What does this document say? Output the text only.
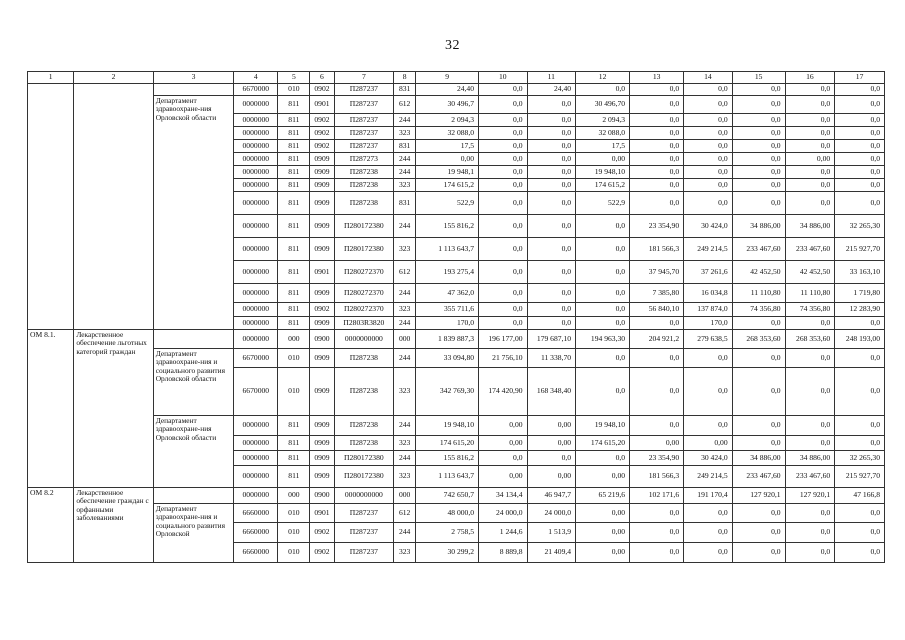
32
1	2	3	4	5	6	7	8	9	10	11	12	13	14	15	16	17
			6670000	010	0902	П287237	831	24,40	0,0	24,40	0,0	0,0	0,0	0,0	0,0	0,0
		Департамент здравоохране-ния Орловской области	0000000	811	0901	П287237	612	30 496,7	0,0	0,0	30 496,70	0,0	0,0	0,0	0,0	0,0
			0000000	811	0902	П287237	244	2 094,3	0,0	0,0	2 094,3	0,0	0,0	0,0	0,0	0,0
			0000000	811	0902	П287237	323	32 088,0	0,0	0,0	32 088,0	0,0	0,0	0,0	0,0	0,0
			0000000	811	0902	П287237	831	17,5	0,0	0,0	17,5	0,0	0,0	0,0	0,0	0,0
			0000000	811	0909	П287273	244	0,00	0,0	0,0	0,00	0,0	0,0	0,0	0,00	0,0
			0000000	811	0909	П287238	244	19 948,1	0,0	0,0	19 948,10	0,0	0,0	0,0	0,0	0,0
			0000000	811	0909	П287238	323	174 615,2	0,0	0,0	174 615,2	0,0	0,0	0,0	0,0	0,0
			0000000	811	0909	П287238	831	522,9	0,0	0,0	522,9	0,0	0,0	0,0	0,0	0,0
			0000000	811	0909	П280172380	244	155 816,2	0,0	0,0	0,0	23 354,90	30 424,0	34 886,00	34 886,00	32 265,30
			0000000	811	0909	П280172380	323	1 113 643,7	0,0	0,0	0,0	181 566,3	249 214,5	233 467,60	233 467,60	215 927,70
			0000000	811	0901	П280272370	612	193 275,4	0,0	0,0	0,0	37 945,70	37 261,6	42 452,50	42 452,50	33 163,10
			0000000	811	0909	П280272370	244	47 362,0	0,0	0,0	0,0	7 385,80	16 034,8	11 110,80	11 110,80	1 719,80
			0000000	811	0902	П280272370	323	355 711,6	0,0	0,0	0,0	56 840,10	137 874,0	74 356,80	74 356,80	12 283,90
			0000000	811	0909	П2803R3820	244	170,0	0,0	0,0	0,0	0,0	170,0	0,0	0,0	0,0
ОМ 8.1.	Лекарственное обеспечение льготных категорий граждан		0000000	000	0900	0000000000	000	1 839 887,3	196 177,00	179 687,10	194 963,30	204 921,2	279 638,5	268 353,60	268 353,60	248 193,00
		Департамент здравоохране-ния и социального развития Орловской области	6670000	010	0909	П287238	244	33 094,80	21 756,10	11 338,70	0,0	0,0	0,0	0,0	0,0	0,0
			6670000	010	0909	П287238	323	342 769,30	174 420,90	168 348,40	0,0	0,0	0,0	0,0	0,0	0,0
		Департамент здравоохране-ния Орловской области	0000000	811	0909	П287238	244	19 948,10	0,00	0,00	19 948,10	0,0	0,0	0,0	0,0	0,0
			0000000	811	0909	П287238	323	174 615,20	0,00	0,00	174 615,20	0,00	0,00	0,0	0,0	0,0
			0000000	811	0909	П280172380	244	155 816,2	0,0	0,0	0,0	23 354,90	30 424,0	34 886,00	34 886,00	32 265,30
			0000000	811	0909	П280172380	323	1 113 643,7	0,00	0,00	0,00	181 566,3	249 214,5	233 467,60	233 467,60	215 927,70
ОМ 8.2	Лекарственное обеспечение граждан с орфанными заболеваниями		0000000	000	0900	0000000000	000	742 650,7	34 134,4	46 947,7	65 219,6	102 171,6	191 170,4	127 920,1	127 920,1	47 166,8
		Департамент здравоохране-ния и социального развития Орловской	6660000	010	0901	П287237	612	48 000,0	24 000,0	24 000,0	0,00	0,0	0,0	0,0	0,0	0,0
			6660000	010	0902	П287237	244	2 758,5	1 244,6	1 513,9	0,00	0,0	0,0	0,0	0,0	0,0
			6660000	010	0902	П287237	323	30 299,2	8 889,8	21 409,4	0,00	0,0	0,0	0,0	0,0	0,0
